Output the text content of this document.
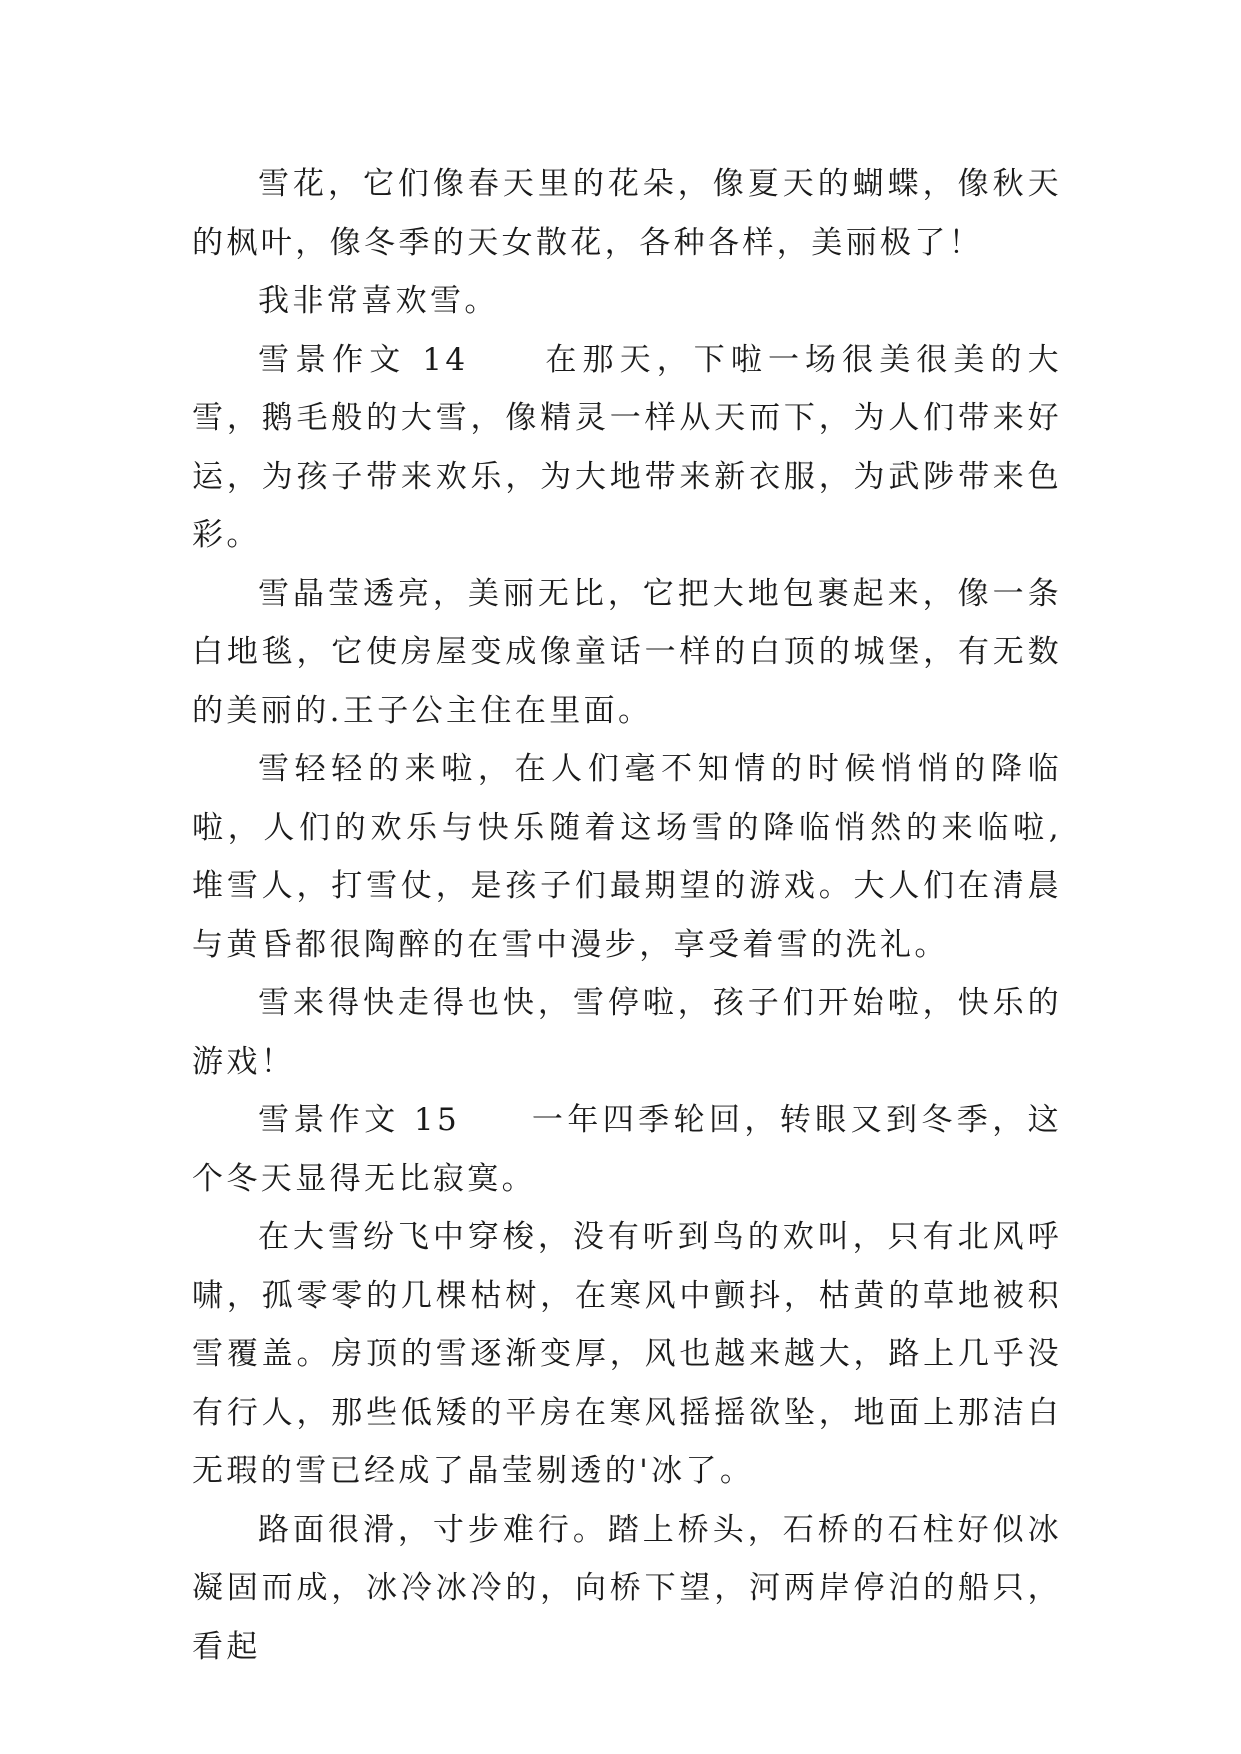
雪花，它们像春天里的花朵，像夏天的蝴蝶，像秋天的枫叶，像冬季的天女散花，各种各样，美丽极了！

我非常喜欢雪。

雪景作文 14　　在那天，下啦一场很美很美的大雪，鹅毛般的大雪，像精灵一样从天而下，为人们带来好运，为孩子带来欢乐，为大地带来新衣服，为武陟带来色彩。

雪晶莹透亮，美丽无比，它把大地包裹起来，像一条白地毯，它使房屋变成像童话一样的白顶的城堡，有无数的美丽的.王子公主住在里面。

雪轻轻的来啦，在人们毫不知情的时候悄悄的降临啦，人们的欢乐与快乐随着这场雪的降临悄然的来临啦,堆雪人，打雪仗，是孩子们最期望的游戏。大人们在清晨与黄昏都很陶醉的在雪中漫步，享受着雪的洗礼。

雪来得快走得也快，雪停啦，孩子们开始啦，快乐的游戏！

雪景作文 15　　一年四季轮回，转眼又到冬季，这个冬天显得无比寂寞。

在大雪纷飞中穿梭，没有听到鸟的欢叫，只有北风呼啸，孤零零的几棵枯树，在寒风中颤抖，枯黄的草地被积雪覆盖。房顶的雪逐渐变厚，风也越来越大，路上几乎没有行人，那些低矮的平房在寒风摇摇欲坠，地面上那洁白无瑕的雪已经成了晶莹剔透的'冰了。

路面很滑，寸步难行。踏上桥头，石桥的石柱好似冰凝固而成，冰冷冰冷的，向桥下望，河两岸停泊的船只，看起
